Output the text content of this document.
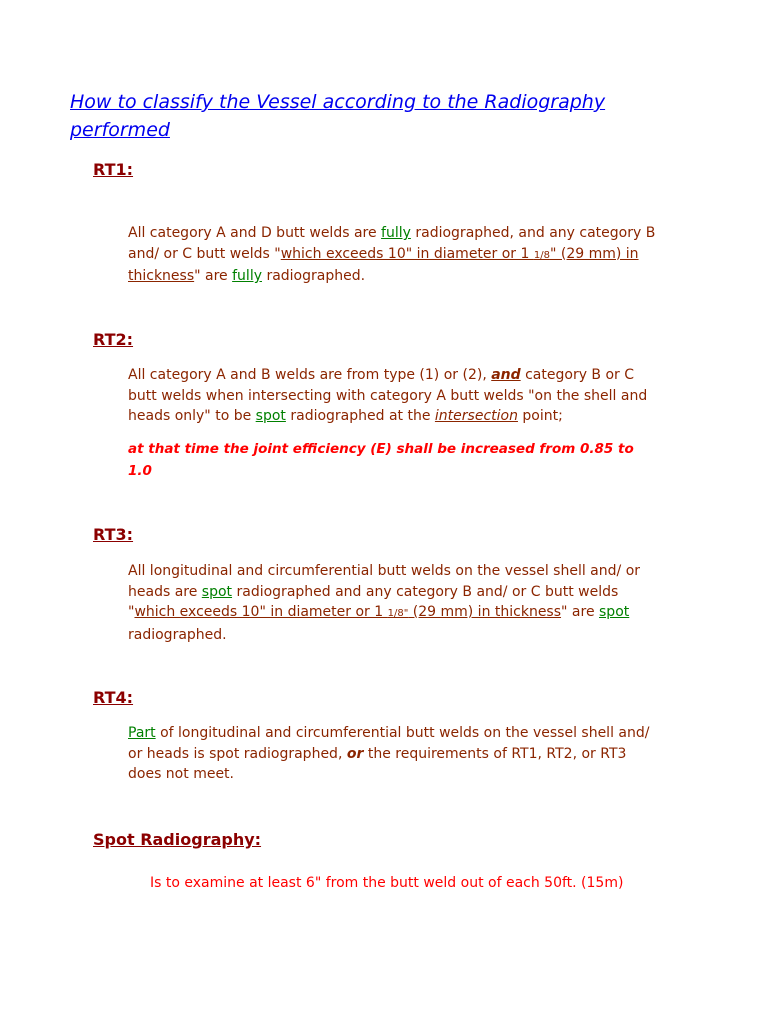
How to classify the Vessel according to the Radiography performed
RT1:
All category A and D butt welds are fully radiographed, and any category B and/ or C butt welds "which exceeds 10" in diameter or 1 1/8" (29 mm) in thickness" are fully radiographed.
RT2:
All category A and B welds are from type (1) or (2), and category B or C butt welds when intersecting with category A butt welds "on the shell and heads only" to be spot radiographed at the intersection point;
at that time the joint efficiency (E) shall be increased from 0.85 to 1.0
RT3:
All longitudinal and circumferential butt welds on the vessel shell and/ or heads are spot radiographed and any category B and/ or C butt welds "which exceeds 10" in diameter or 1 1/8" (29 mm) in thickness" are spot radiographed.
RT4:
Part of longitudinal and circumferential butt welds on the vessel shell and/ or heads is spot radiographed, or the requirements of RT1, RT2, or RT3 does not meet.
Spot Radiography:
Is to examine at least 6" from the butt weld out of each 50ft. (15m)
